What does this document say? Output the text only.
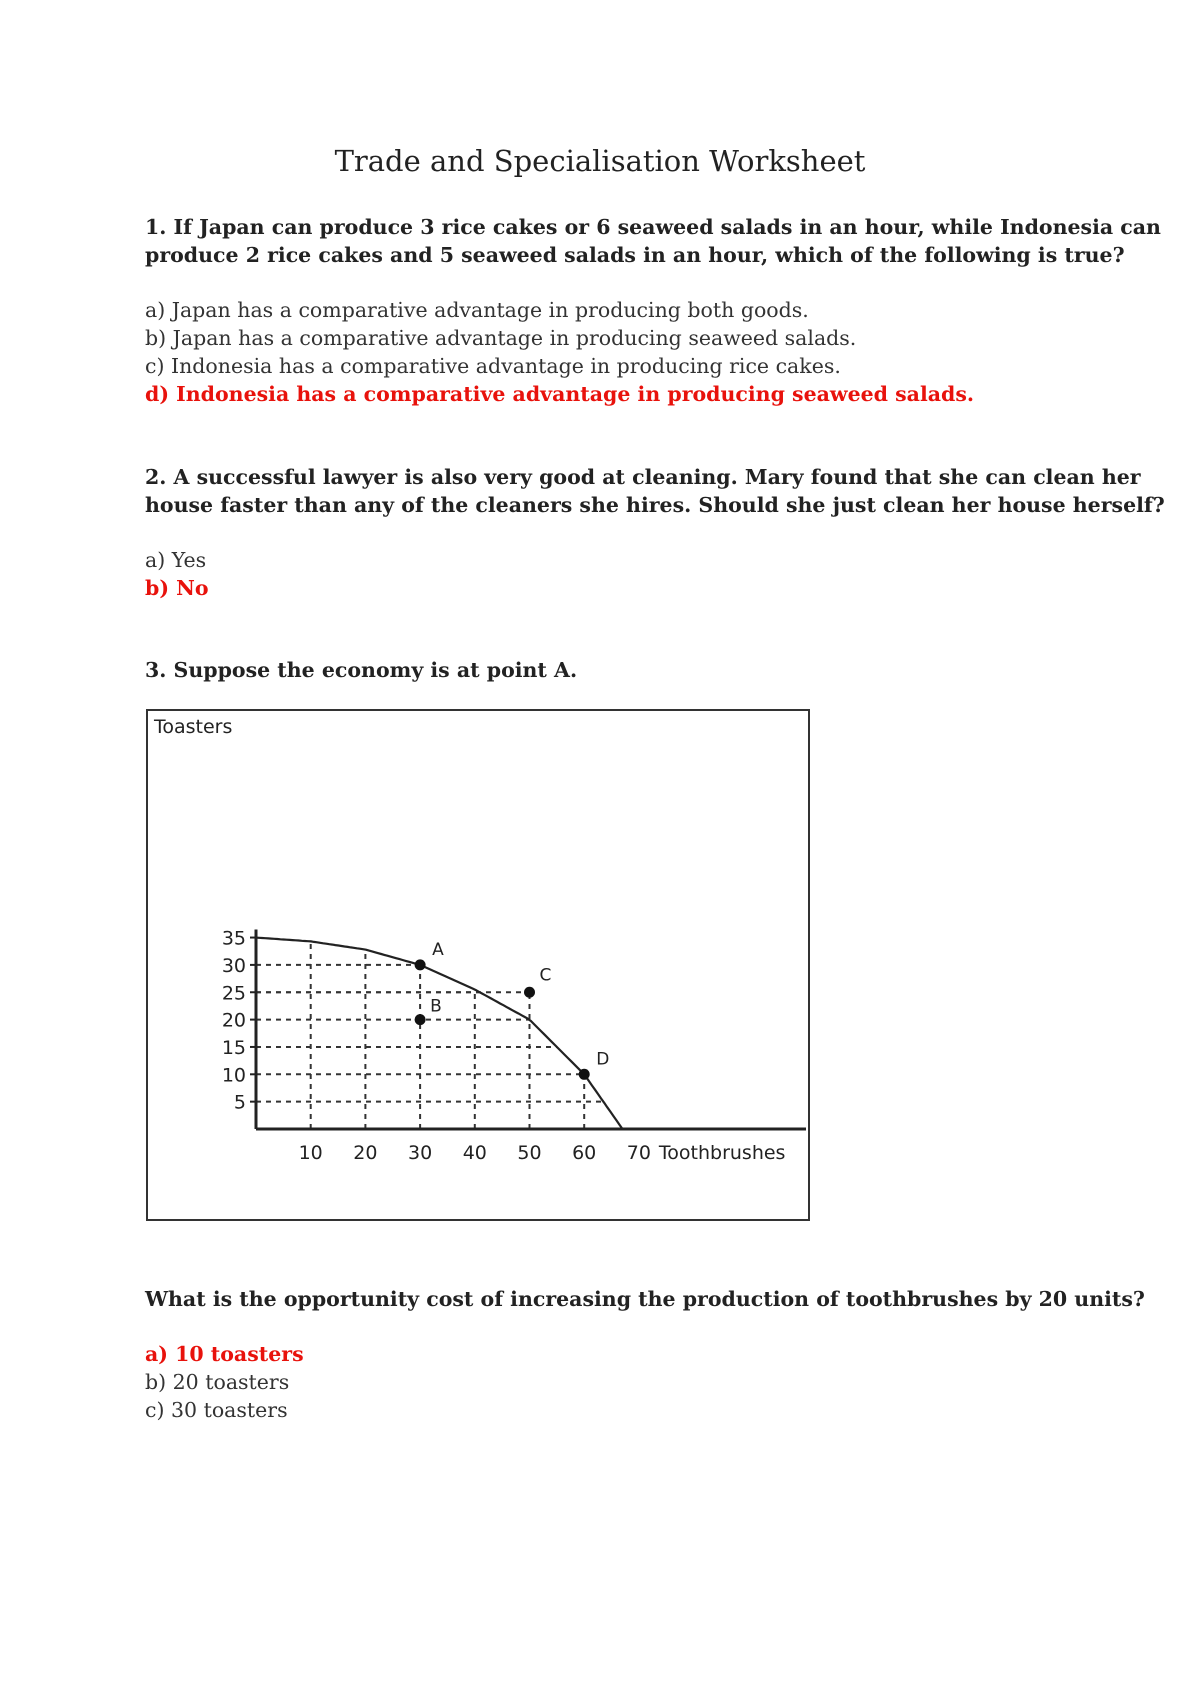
Trade and Specialisation Worksheet
1. If Japan can produce 3 rice cakes or 6 seaweed salads in an hour, while Indonesia can
produce 2 rice cakes and 5 seaweed salads in an hour, which of the following is true?
a) Japan has a comparative advantage in producing both goods.
b) Japan has a comparative advantage in producing seaweed salads.
c) Indonesia has a comparative advantage in producing rice cakes.
d) Indonesia has a comparative advantage in producing seaweed salads.
2. A successful lawyer is also very good at cleaning. Mary found that she can clean her
house faster than any of the cleaners she hires. Should she just clean her house herself?
a) Yes
b) No
3. Suppose the economy is at point A.
Toasters
5
10
15
20
25
30
35
10 20 30 40 50 60 70 Toothbrushes
A
B
C
D
What is the opportunity cost of increasing the production of toothbrushes by 20 units?
a) 10 toasters
b) 20 toasters
c) 30 toasters
